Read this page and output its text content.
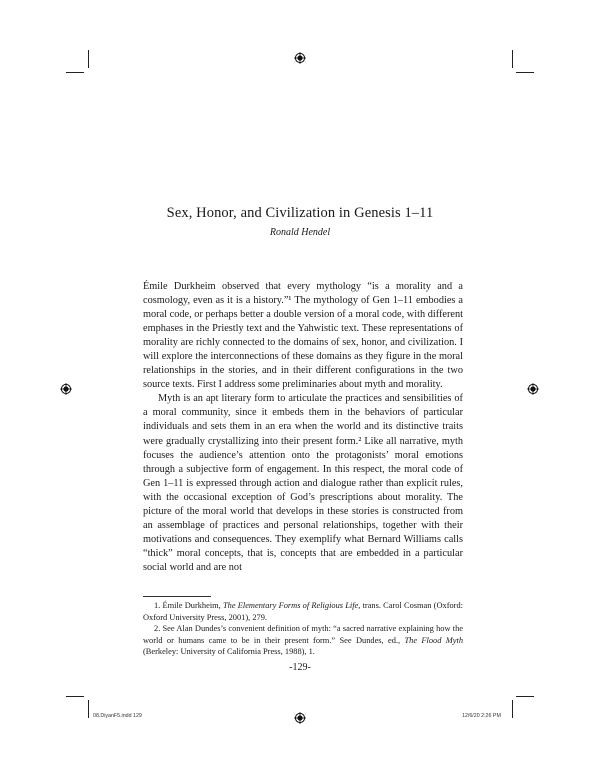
Sex, Honor, and Civilization in Genesis 1–11
Ronald Hendel

Émile Durkheim observed that every mythology “is a morality and a cosmology, even as it is a history.”¹ The mythology of Gen 1–11 embodies a moral code, or perhaps better a double version of a moral code, with different emphases in the Priestly text and the Yahwistic text. These representations of morality are richly connected to the domains of sex, honor, and civilization. I will explore the interconnections of these domains as they figure in the moral relationships in the stories, and in their different configurations in the two source texts. First I address some preliminaries about myth and morality.

Myth is an apt literary form to articulate the practices and sensibilities of a moral community, since it embeds them in the behaviors of particular individuals and sets them in an era when the world and its distinctive traits were gradually crystallizing into their present form.² Like all narrative, myth focuses the audience’s attention onto the protagonists’ moral emotions through a subjective form of engagement. In this respect, the moral code of Gen 1–11 is expressed through action and dialogue rather than explicit rules, with the occasional exception of God’s prescriptions about morality. The picture of the moral world that develops in these stories is constructed from an assemblage of practices and personal relationships, together with their motivations and consequences. They exemplify what Bernard Williams calls “thick” moral concepts, that is, concepts that are embedded in a particular social world and are not

1. Émile Durkheim, The Elementary Forms of Religious Life, trans. Carol Cosman (Oxford: Oxford University Press, 2001), 279.

2. See Alan Dundes’s convenient definition of myth: “a sacred narrative explaining how the world or humans came to be in their present form.” See Dundes, ed., The Flood Myth (Berkeley: University of California Press, 1988), 1.

-129-
08.DiyanF5.indd 129	12/6/20 2:26 PM
